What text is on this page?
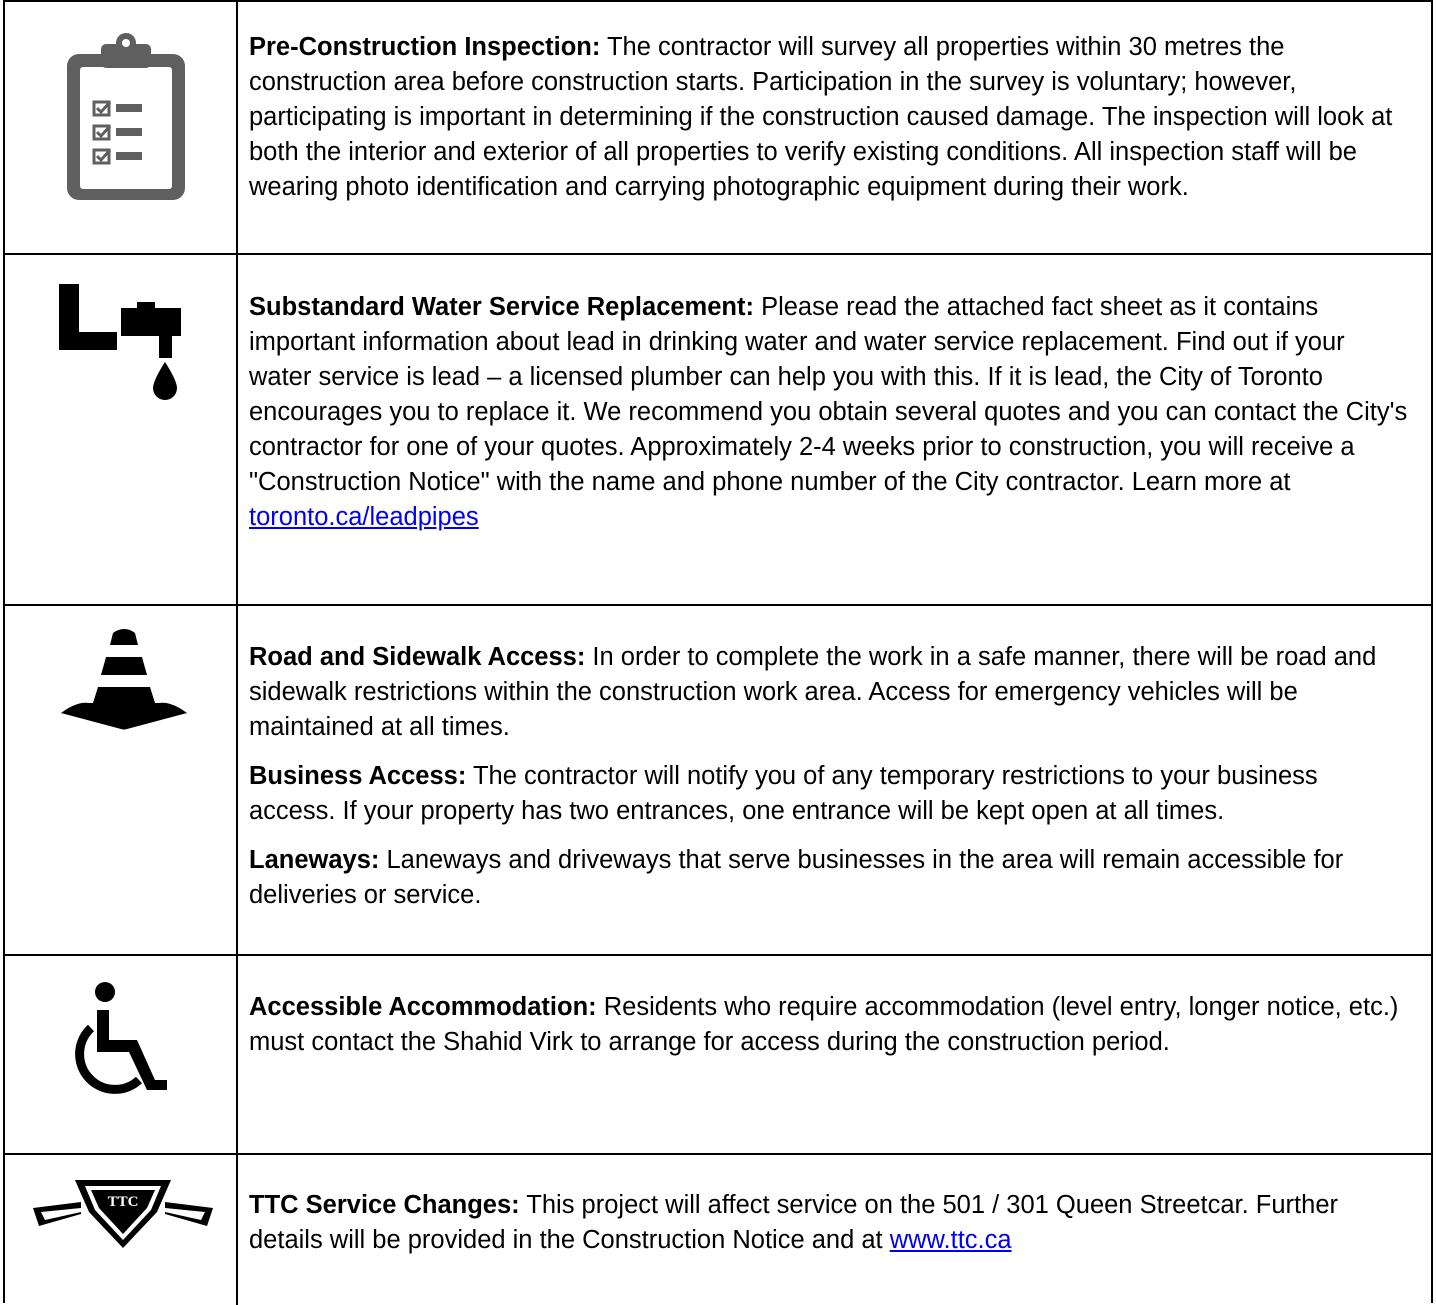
TTC

Pre-Construction Inspection: The contractor will survey all properties within 30 metres the construction area before construction starts. Participation in the survey is voluntary; however, participating is important in determining if the construction caused damage. The inspection will look at both the interior and exterior of all properties to verify existing conditions. All inspection staff will be wearing photo identification and carrying photographic equipment during their work.

Substandard Water Service Replacement: Please read the attached fact sheet as it contains important information about lead in drinking water and water service replacement. Find out if your water service is lead – a licensed plumber can help you with this. If it is lead, the City of Toronto encourages you to replace it. We recommend you obtain several quotes and you can contact the City's contractor for one of your quotes. Approximately 2-4 weeks prior to construction, you will receive a "Construction Notice" with the name and phone number of the City contractor. Learn more at toronto.ca/leadpipes

Road and Sidewalk Access: In order to complete the work in a safe manner, there will be road and sidewalk restrictions within the construction work area. Access for emergency vehicles will be maintained at all times.

Business Access: The contractor will notify you of any temporary restrictions to your business access. If your property has two entrances, one entrance will be kept open at all times.

Laneways: Laneways and driveways that serve businesses in the area will remain accessible for deliveries or service.

Accessible Accommodation: Residents who require accommodation (level entry, longer notice, etc.) must contact the Shahid Virk to arrange for access during the construction period.

TTC Service Changes: This project will affect service on the 501 / 301 Queen Streetcar. Further details will be provided in the Construction Notice and at www.ttc.ca
